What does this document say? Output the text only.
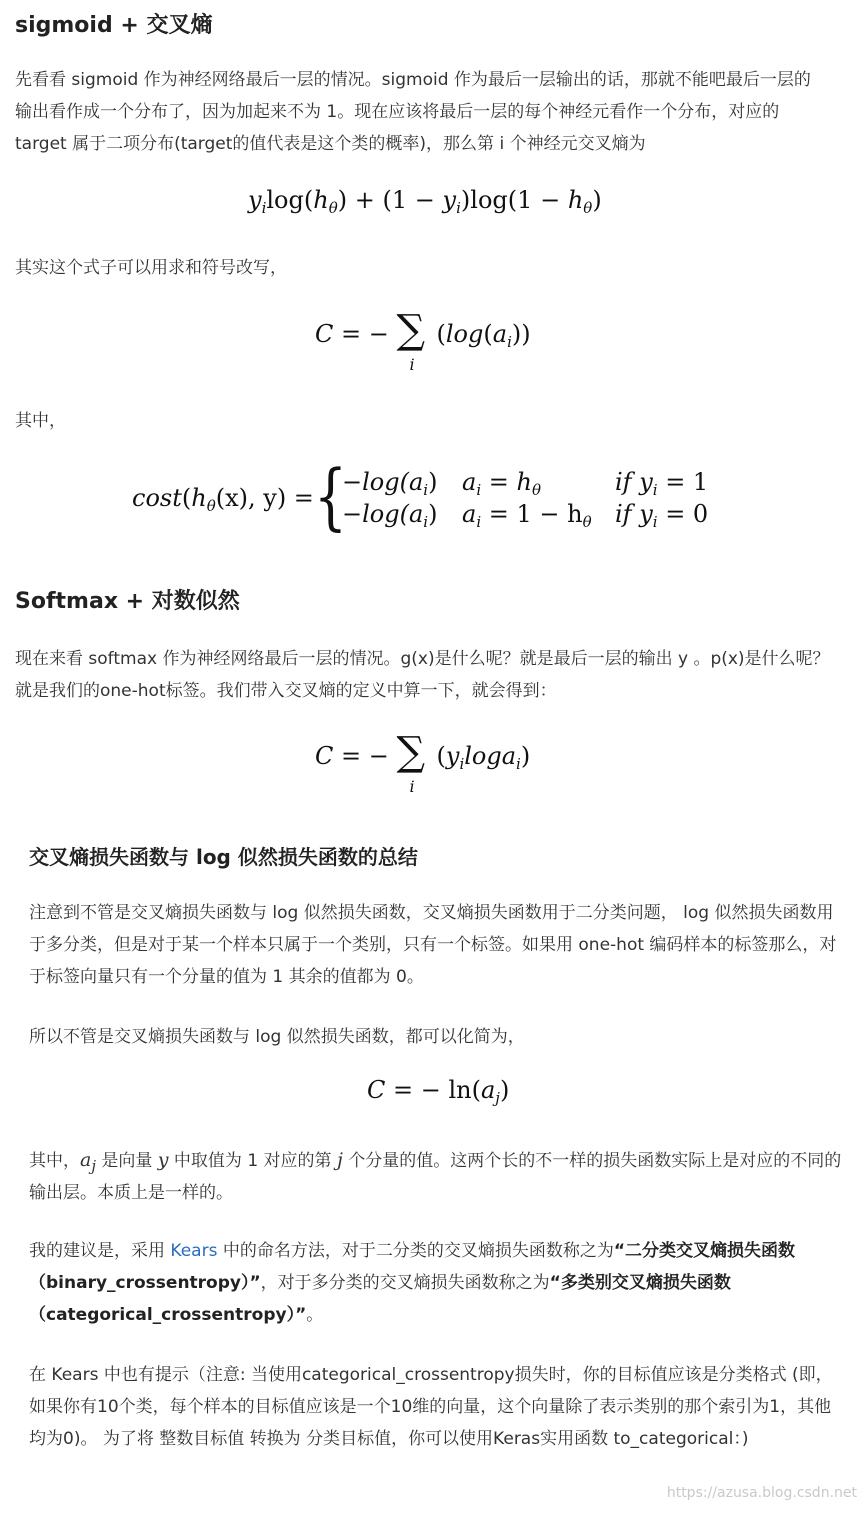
sigmoid + 交叉熵

先看看 sigmoid 作为神经网络最后一层的情况。sigmoid 作为最后一层输出的话，那就不能吧最后一层的输出看作成一个分布了，因为加起来不为 1。现在应该将最后一层的每个神经元看作一个分布，对应的 target 属于二项分布(target的值代表是这个类的概率)，那么第 i 个神经元交叉熵为

$y_i\log(h_\theta) + (1 - y_i)\log(1 - h_\theta)$

其实这个式子可以用求和符号改写，

C = − ∑
i
$(\log(a_i))$

其中，

$\cos t(h_\theta(x)$, y) = {
$-\log(a_i) a_i = h_\theta$	if $y_i = 1$
$-\log(a_i) a_i = 1 - h_\theta$ if $y_i = 0$
Softmax + 对数似然

现在来看 softmax 作为神经网络最后一层的情况。g(x)是什么呢？就是最后一层的输出 y 。p(x)是什么呢？就是我们的one-hot标签。我们带入交叉熵的定义中算一下，就会得到：

C = − ∑
i
$(y_i\log a_i)$
交叉熵损失函数与 log 似然损失函数的总结

注意到不管是交叉熵损失函数与 log 似然损失函数，交叉熵损失函数用于二分类问题， log 似然损失函数用于多分类，但是对于某一个样本只属于一个类别，只有一个标签。如果用 one-hot 编码样本的标签那么，对于标签向量只有一个分量的值为 1 其余的值都为 0。

所以不管是交叉熵损失函数与 log 似然损失函数，都可以化简为，

C = − $\ln(a_j)$

其中，$a_j$ 是向量 y 中取值为 1 对应的第 j 个分量的值。这两个长的不一样的损失函数实际上是对应的不同的输出层。本质上是一样的。

我的建议是，采用 Kears 中的命名方法，对于二分类的交叉熵损失函数称之为“二分类交叉熵损失函数（binary_crossentropy）”，对于多分类的交叉熵损失函数称之为“多类别交叉熵损失函数（categorical_crossentropy）”。

在 Kears 中也有提示（注意: 当使用categorical_crossentropy损失时，你的目标值应该是分类格式 (即，如果你有10个类，每个样本的目标值应该是一个10维的向量，这个向量除了表示类别的那个索引为1，其他均为0)。 为了将 整数目标值 转换为 分类目标值，你可以使用Keras实用函数 to_categorical：)

https://azusa.blog.csdn.net
